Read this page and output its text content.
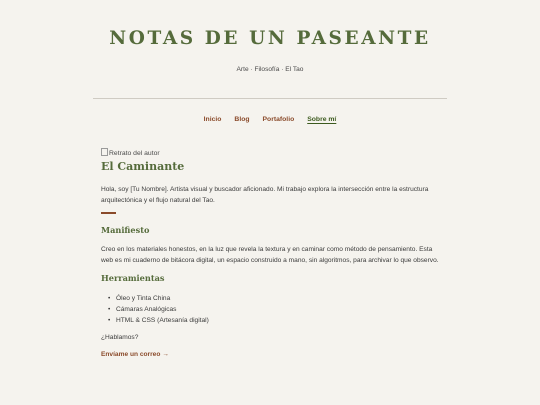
NOTAS DE UN PASEANTE
Arte · Filosofía · El Tao
Inicio Blog Portafolio Sobre mí
Retrato del autor
El Caminante
Hola, soy [Tu Nombre]. Artista visual y buscador aficionado. Mi trabajo explora la intersección entre la estructura arquitectónica y el flujo natural del Tao.
Manifiesto
Creo en los materiales honestos, en la luz que revela la textura y en caminar como método de pensamiento. Esta web es mi cuaderno de bitácora digital, un espacio construido a mano, sin algoritmos, para archivar lo que observo.
Herramientas
• Óleo y Tinta China
• Cámaras Analógicas
• HTML & CSS (Artesanía digital)
¿Hablamos?
Envíame un correo →
